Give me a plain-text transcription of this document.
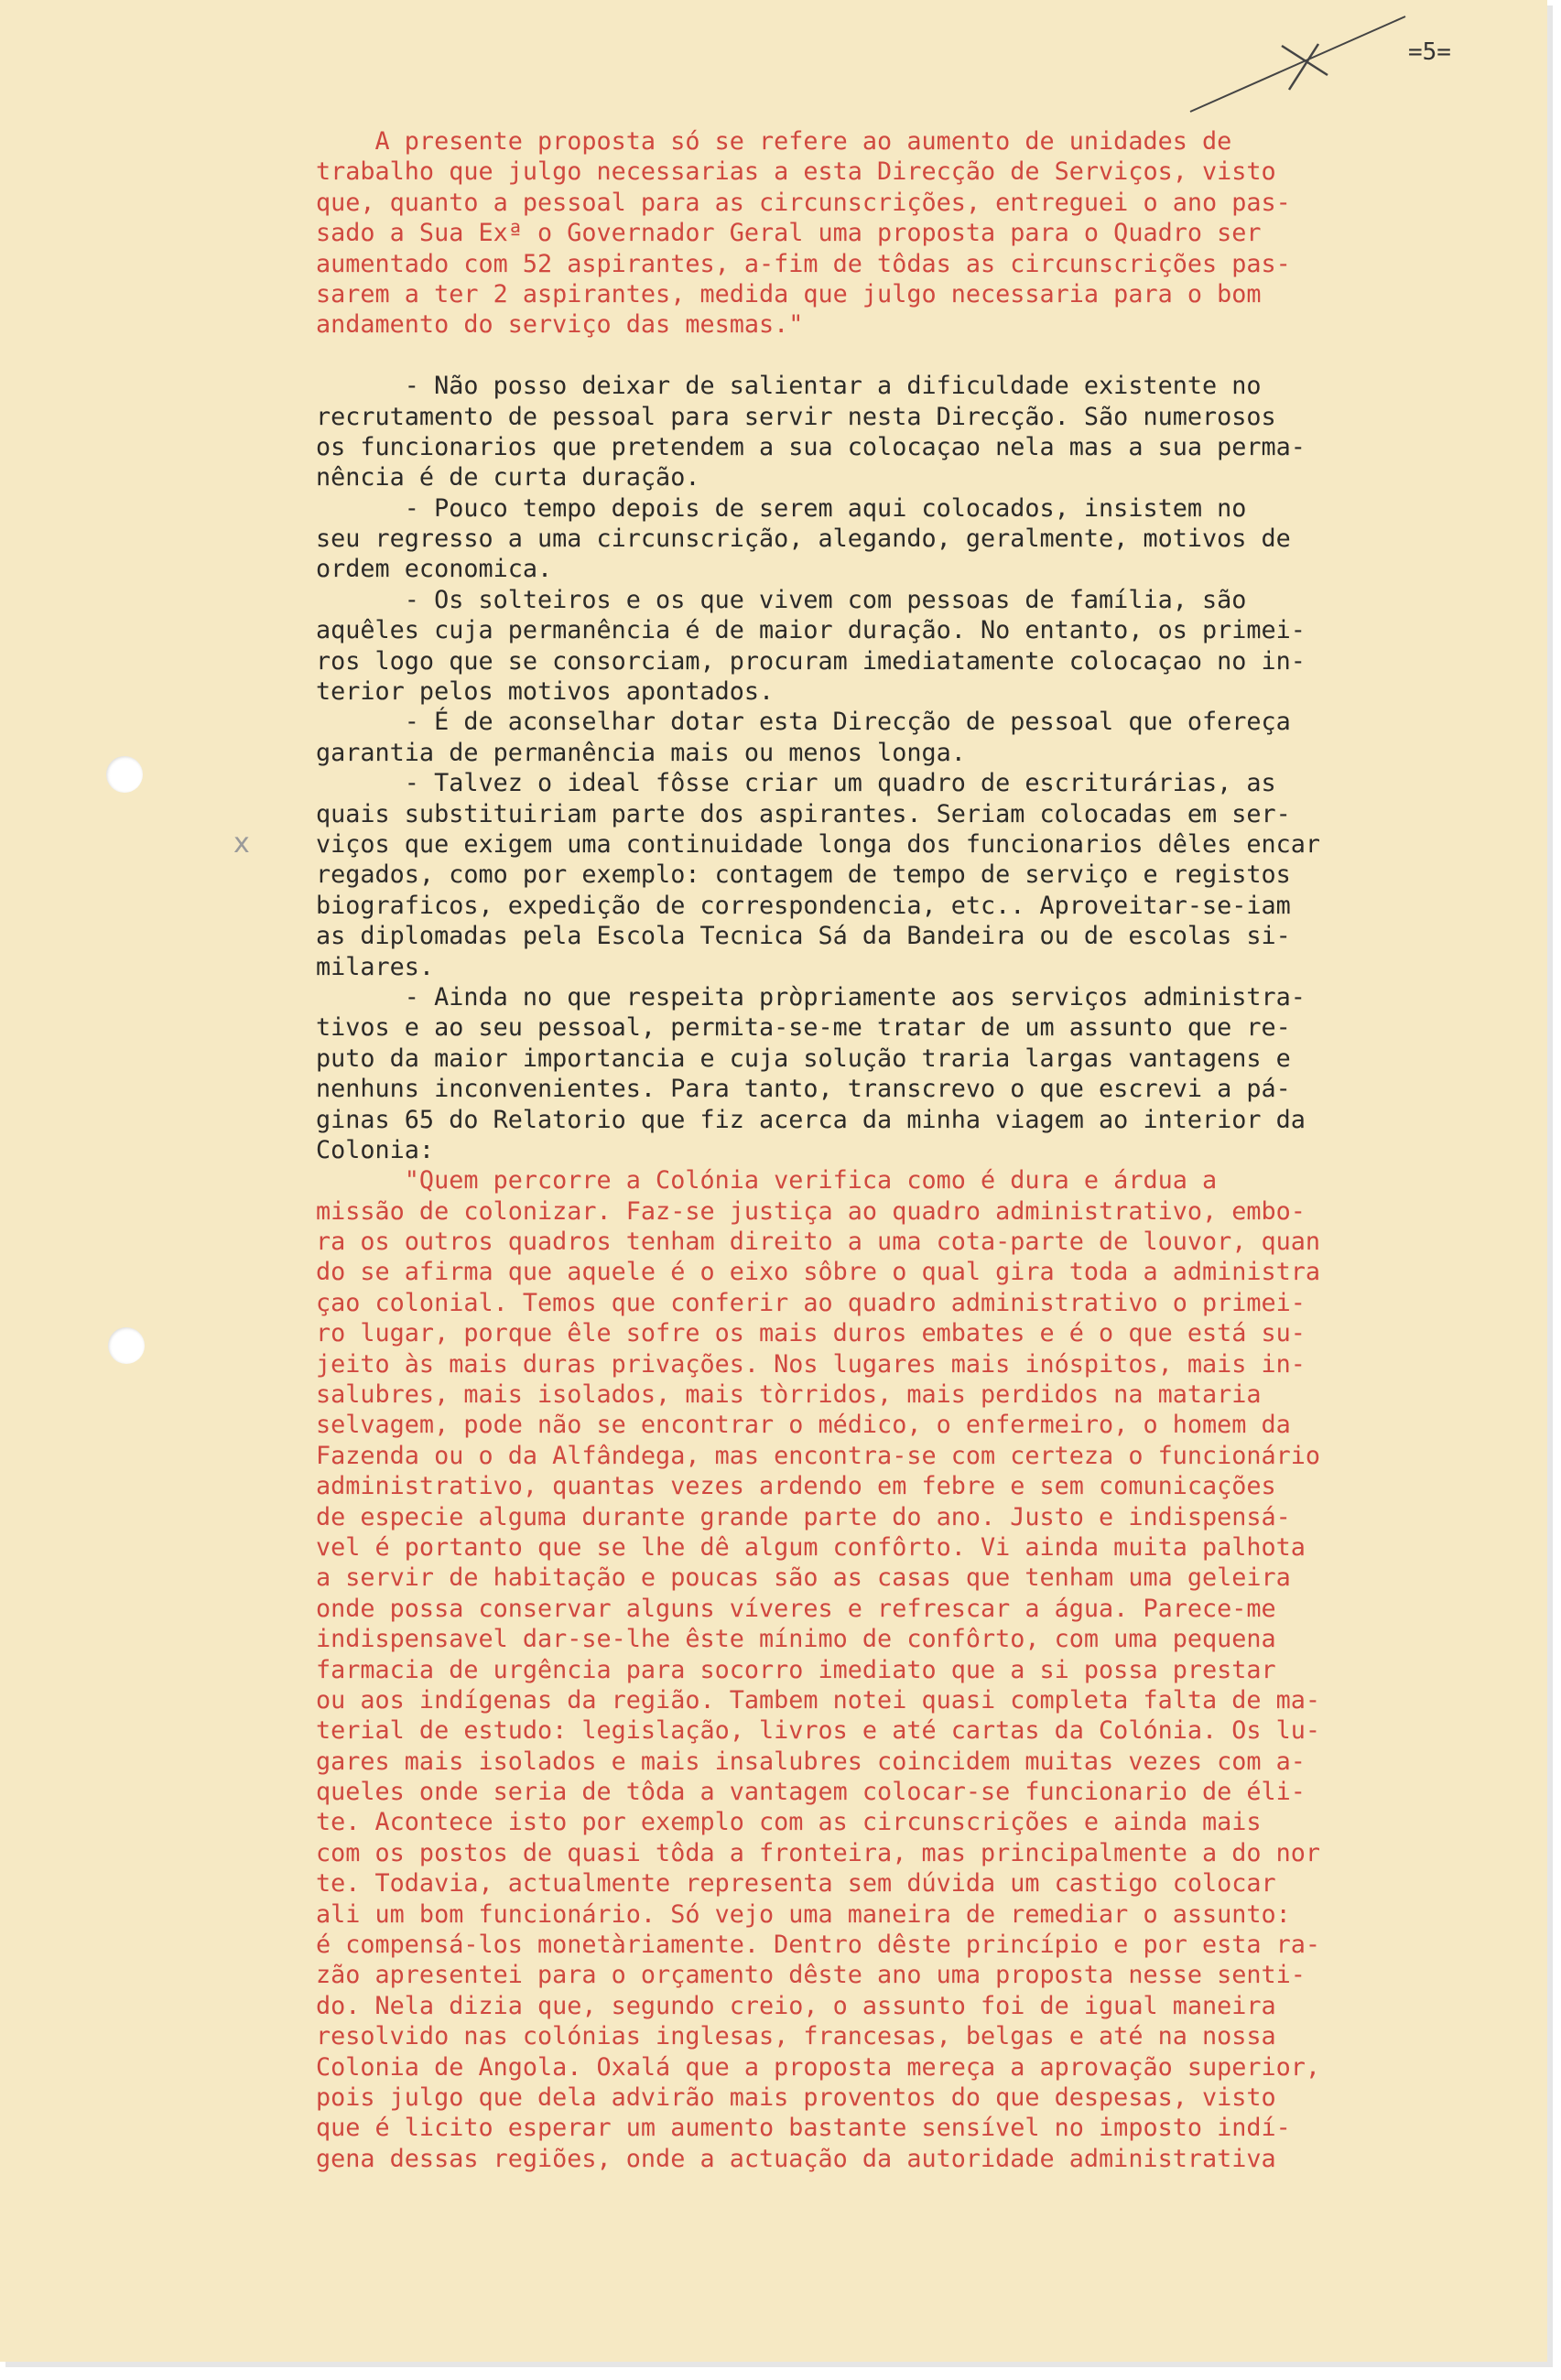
=5=
x
A presente proposta só se refere ao aumento de unidades de
trabalho que julgo necessarias a esta Direcção de Serviços, visto
que, quanto a pessoal para as circunscrições, entreguei o ano pas-
sado a Sua Exª o Governador Geral uma proposta para o Quadro ser
aumentado com 52 aspirantes, a-fim de tôdas as circunscrições pas-
sarem a ter 2 aspirantes, medida que julgo necessaria para o bom
andamento do serviço das mesmas."
- Não posso deixar de salientar a dificuldade existente no
recrutamento de pessoal para servir nesta Direcção. São numerosos
os funcionarios que pretendem a sua colocaçao nela mas a sua perma-
nência é de curta duração.
- Pouco tempo depois de serem aqui colocados, insistem no
seu regresso a uma circunscrição, alegando, geralmente, motivos de
ordem economica.
- Os solteiros e os que vivem com pessoas de família, são
aquêles cuja permanência é de maior duração. No entanto, os primei-
ros logo que se consorciam, procuram imediatamente colocaçao no in-
terior pelos motivos apontados.
- É de aconselhar dotar esta Direcção de pessoal que ofereça
garantia de permanência mais ou menos longa.
- Talvez o ideal fôsse criar um quadro de escriturárias, as
quais substituiriam parte dos aspirantes. Seriam colocadas em ser-
viços que exigem uma continuidade longa dos funcionarios dêles encar
regados, como por exemplo: contagem de tempo de serviço e registos
biograficos, expedição de correspondencia, etc.. Aproveitar-se-iam
as diplomadas pela Escola Tecnica Sá da Bandeira ou de escolas si-
milares.
- Ainda no que respeita pròpriamente aos serviços administra-
tivos e ao seu pessoal, permita-se-me tratar de um assunto que re-
puto da maior importancia e cuja solução traria largas vantagens e
nenhuns inconvenientes. Para tanto, transcrevo o que escrevi a pá-
ginas 65 do Relatorio que fiz acerca da minha viagem ao interior da
Colonia:
"Quem percorre a Colónia verifica como é dura e árdua a
missão de colonizar. Faz-se justiça ao quadro administrativo, embo-
ra os outros quadros tenham direito a uma cota-parte de louvor, quan
do se afirma que aquele é o eixo sôbre o qual gira toda a administra
çao colonial. Temos que conferir ao quadro administrativo o primei-
ro lugar, porque êle sofre os mais duros embates e é o que está su-
jeito às mais duras privações. Nos lugares mais inóspitos, mais in-
salubres, mais isolados, mais tòrridos, mais perdidos na mataria
selvagem, pode não se encontrar o médico, o enfermeiro, o homem da
Fazenda ou o da Alfândega, mas encontra-se com certeza o funcionário
administrativo, quantas vezes ardendo em febre e sem comunicações
de especie alguma durante grande parte do ano. Justo e indispensá-
vel é portanto que se lhe dê algum confôrto. Vi ainda muita palhota
a servir de habitação e poucas são as casas que tenham uma geleira
onde possa conservar alguns víveres e refrescar a água. Parece-me
indispensavel dar-se-lhe êste mínimo de confôrto, com uma pequena
farmacia de urgência para socorro imediato que a si possa prestar
ou aos indígenas da região. Tambem notei quasi completa falta de ma-
terial de estudo: legislação, livros e até cartas da Colónia. Os lu-
gares mais isolados e mais insalubres coincidem muitas vezes com a-
queles onde seria de tôda a vantagem colocar-se funcionario de éli-
te. Acontece isto por exemplo com as circunscrições e ainda mais
com os postos de quasi tôda a fronteira, mas principalmente a do nor
te. Todavia, actualmente representa sem dúvida um castigo colocar
ali um bom funcionário. Só vejo uma maneira de remediar o assunto:
é compensá-los monetàriamente. Dentro dêste princípio e por esta ra-
zão apresentei para o orçamento dêste ano uma proposta nesse senti-
do. Nela dizia que, segundo creio, o assunto foi de igual maneira
resolvido nas colónias inglesas, francesas, belgas e até na nossa
Colonia de Angola. Oxalá que a proposta mereça a aprovação superior,
pois julgo que dela advirão mais proventos do que despesas, visto
que é licito esperar um aumento bastante sensível no imposto indí-
gena dessas regiões, onde a actuação da autoridade administrativa
